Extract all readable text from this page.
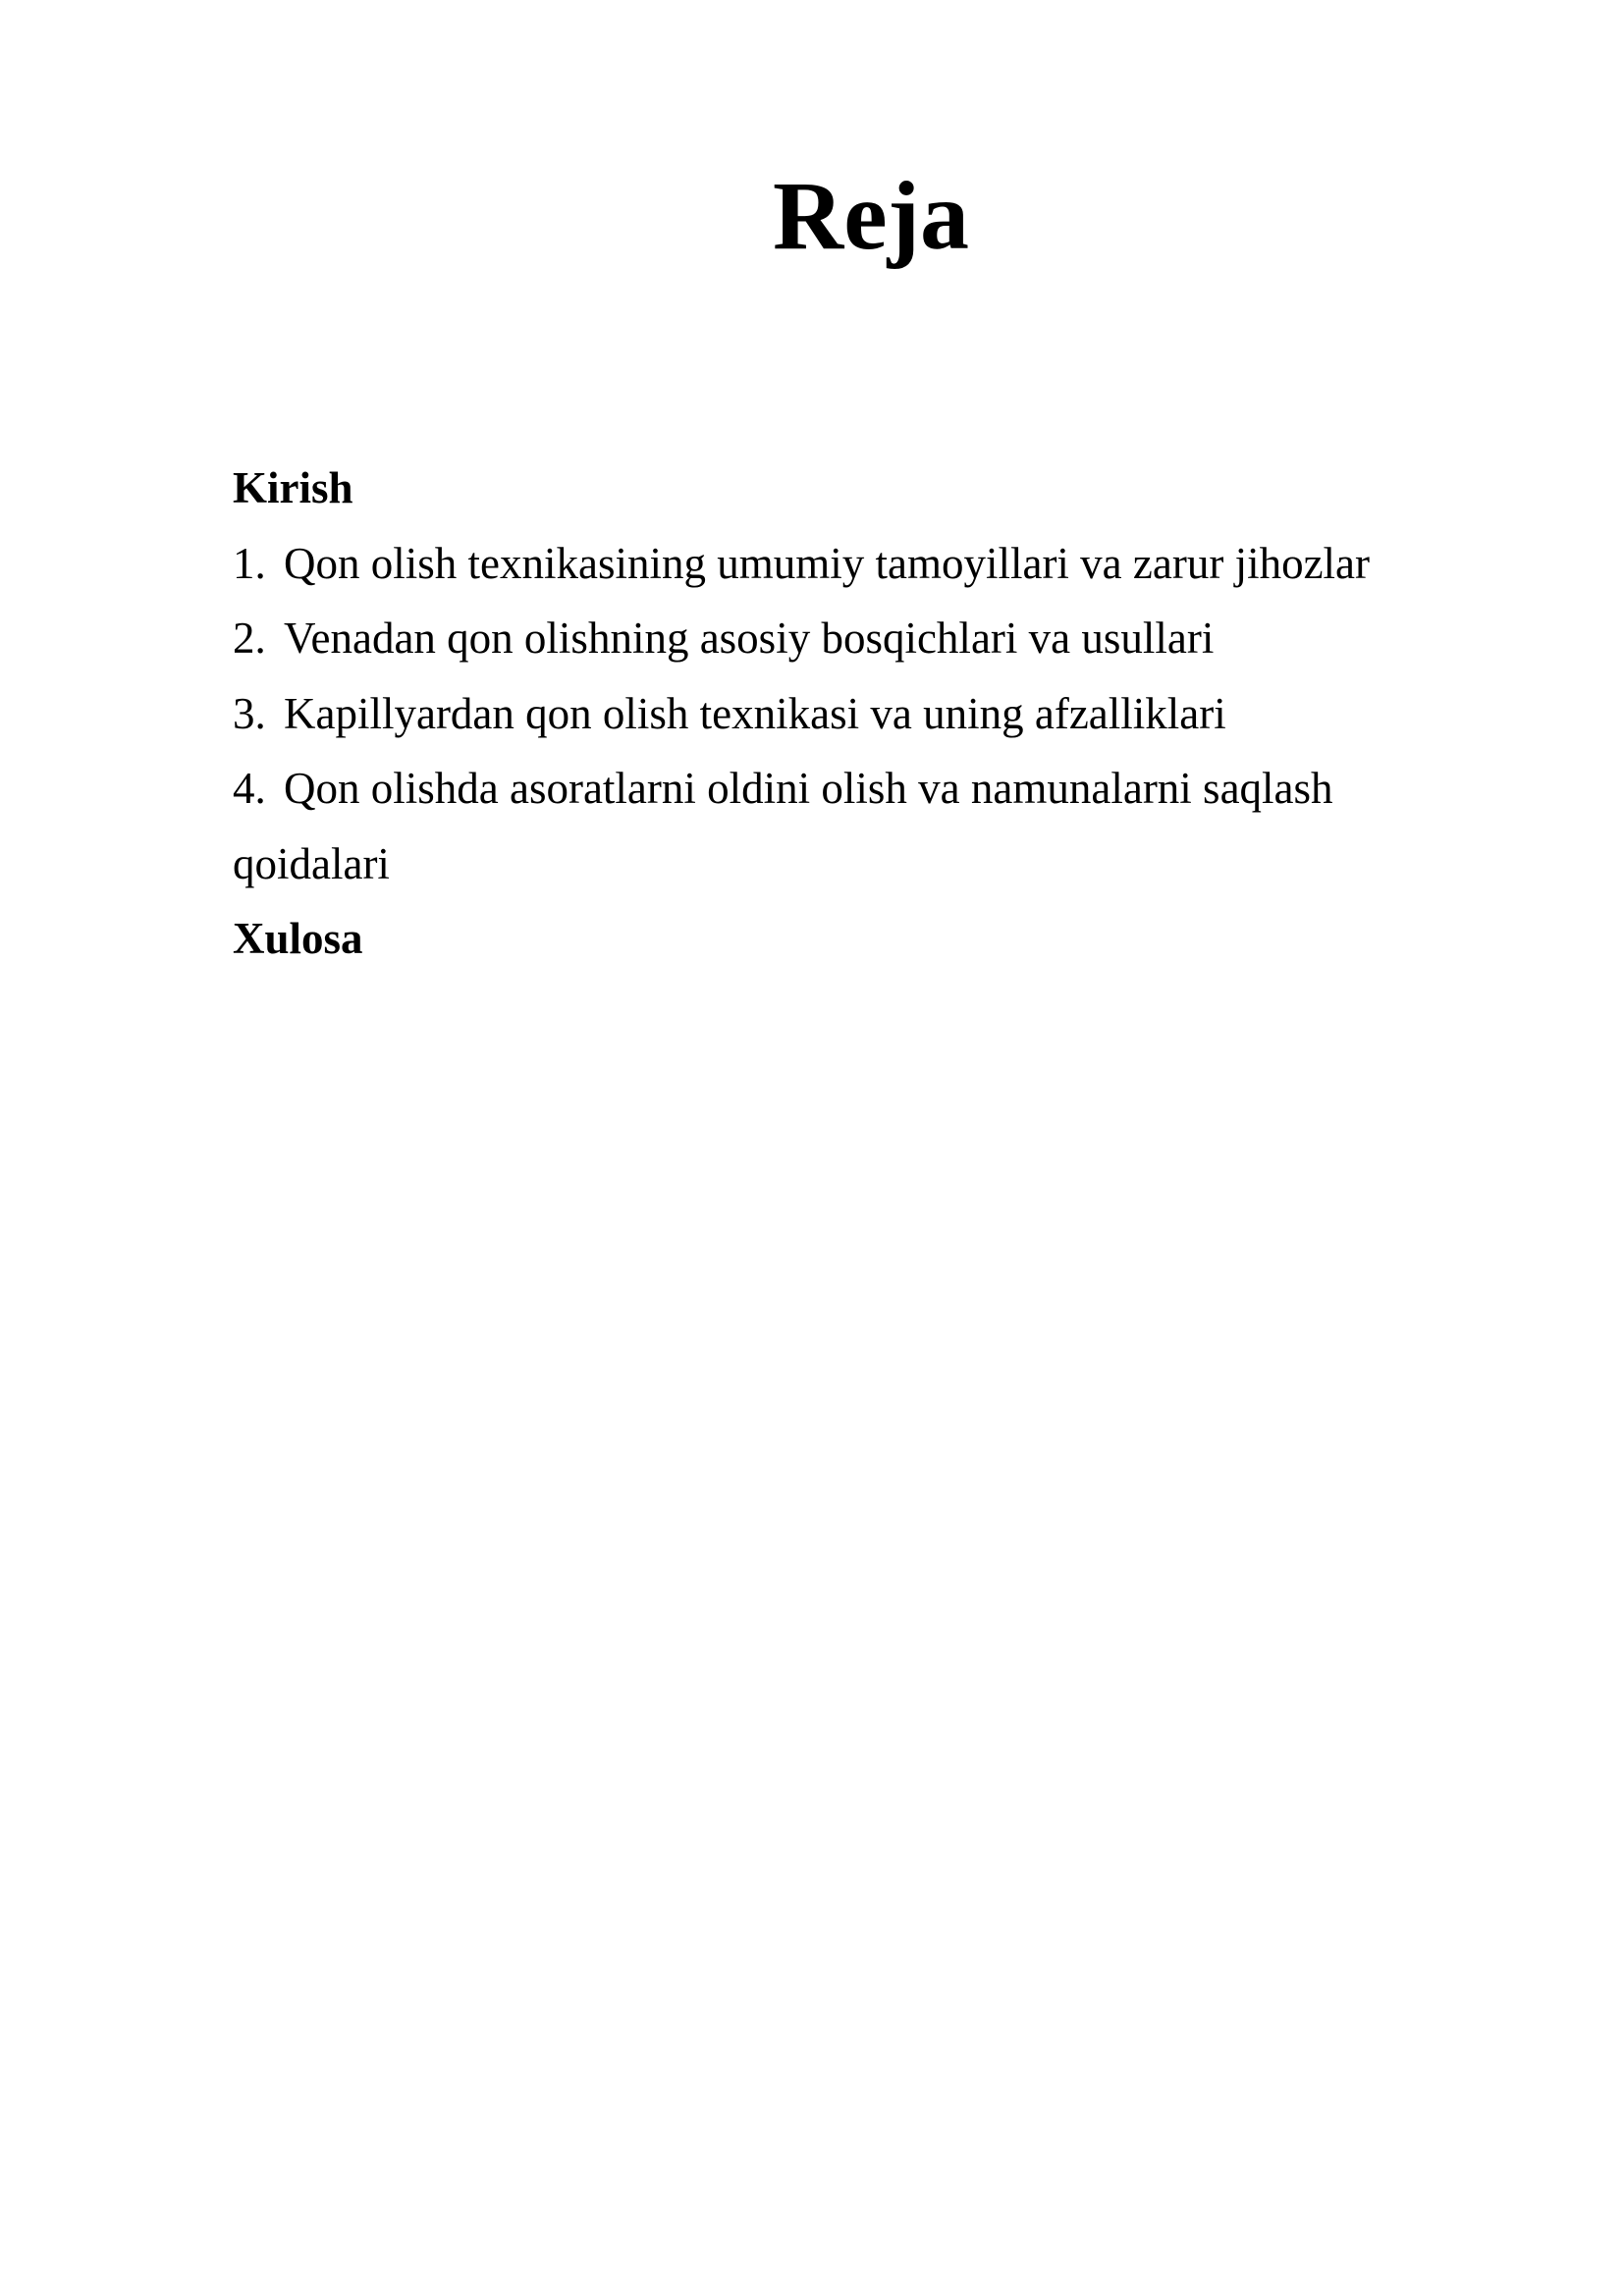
Reja

Kirish

1. Qon olish texnikasining umumiy tamoyillari va zarur jihozlar

2. Venadan qon olishning asosiy bosqichlari va usullari

3. Kapillyardan qon olish texnikasi va uning afzalliklari

4. Qon olishda asoratlarni oldini olish va namunalarni saqlash

qoidalari

Xulosa
